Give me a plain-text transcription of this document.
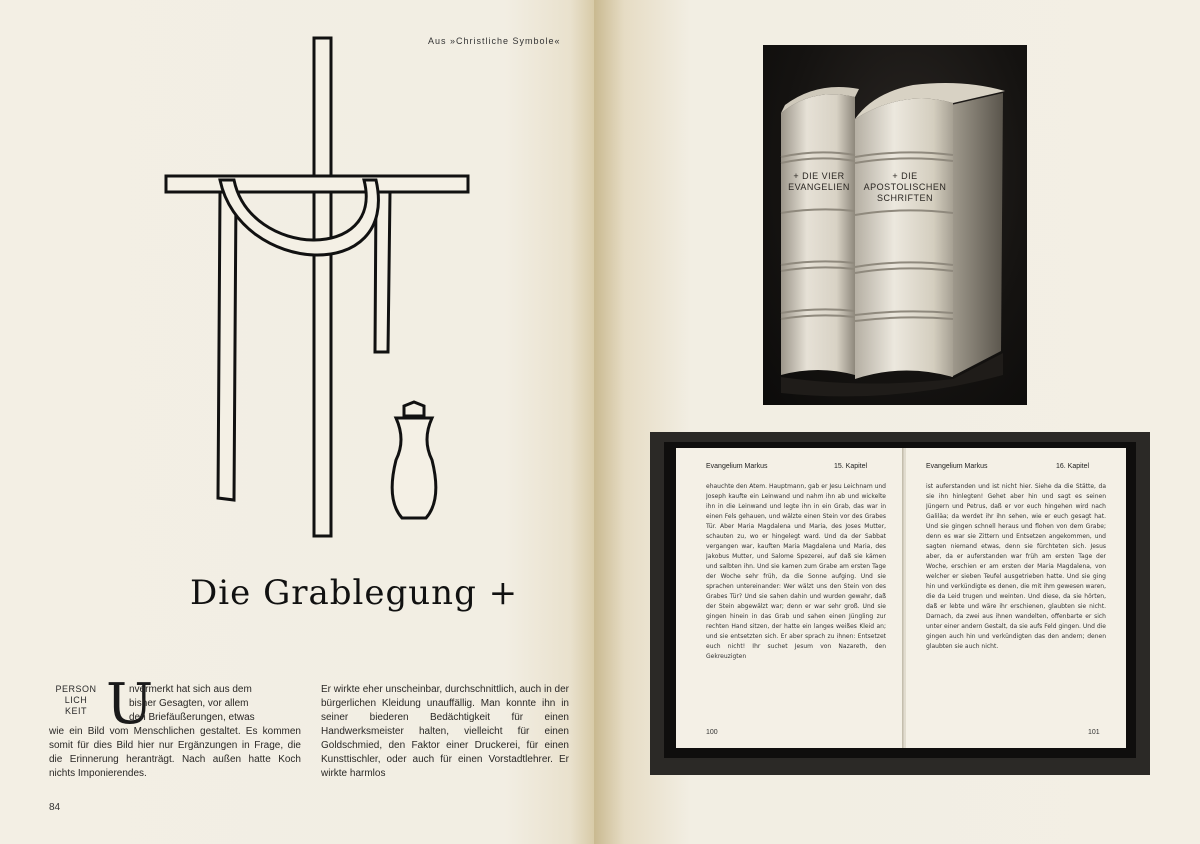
Aus »Christliche Symbole«
Die Grablegung +
PERSON
LICH
KEIT U
nvermerkt hat sich aus dem
bisher Gesagten, vor allem
den Briefäußerungen, etwas
wie ein Bild vom Menschlichen gestaltet. Es kommen somit für dies Bild hier nur Ergänzungen in Frage, die die Erinnerung heranträgt. Nach außen hatte Koch nichts Imponierendes.
Er wirkte eher unscheinbar, durchschnittlich, auch in der bürgerlichen Kleidung unauffällig. Man konnte ihn in seiner biederen Bedächtigkeit für einen Handwerksmeister halten, vielleicht für einen Goldschmied, den Faktor einer Druckerei, für einen Kunsttischler, oder auch für einen Vorstadtlehrer. Er wirkte harmlos
84
+ DIE VIER EVANGELIEN
+ DIE APOSTOLISCHEN SCHRIFTEN
Evangelium Markus	15. Kapitel
ehauchte den Atem. Hauptmann, gab er Jesu Leichnam und Joseph kaufte ein Leinwand und nahm ihn ab und wickelte ihn in die Leinwand und legte ihn in ein Grab, das war in einen Fels gehauen, und wälzte einen Stein vor des Grabes Tür. Aber Maria Magdalena und Maria, des Joses Mutter, schauten zu, wo er hingelegt ward. Und da der Sabbat vergangen war, kauften Maria Magdalena und Maria, des Jakobus Mutter, und Salome Spezerei, auf daß sie kämen und salbten ihn. Und sie kamen zum Grabe am ersten Tage der Woche sehr früh, da die Sonne aufging. Und sie sprachen untereinander: Wer wälzt uns den Stein von des Grabes Tür? Und sie sahen dahin und wurden gewahr, daß der Stein abgewälzt war; denn er war sehr groß. Und sie gingen hinein in das Grab und sahen einen Jüngling zur rechten Hand sitzen, der hatte ein langes weißes Kleid an; und sie entsetzten sich. Er aber sprach zu ihnen: Entsetzet euch nicht! Ihr suchet Jesum von Nazareth, den Gekreuzigten
100
Evangelium Markus	16. Kapitel
ist auferstanden und ist nicht hier. Siehe da die Stätte, da sie ihn hinlegten! Gehet aber hin und sagt es seinen Jüngern und Petrus, daß er vor euch hingehen wird nach Galiläa; da werdet ihr ihn sehen, wie er euch gesagt hat. Und sie gingen schnell heraus und flohen von dem Grabe; denn es war sie Zittern und Entsetzen angekommen, und sagten niemand etwas, denn sie fürchteten sich. Jesus aber, da er auferstanden war früh am ersten Tage der Woche, erschien er am ersten der Maria Magdalena, von welcher er sieben Teufel ausgetrieben hatte. Und sie ging hin und verkündigte es denen, die mit ihm gewesen waren, die da Leid trugen und weinten. Und diese, da sie hörten, daß er lebte und wäre ihr erschienen, glaubten sie nicht. Darnach, da zwei aus ihnen wandelten, offenbarte er sich unter einer andern Gestalt, da sie aufs Feld gingen. Und die gingen auch hin und verkündigten das den andern; denen glaubten sie auch nicht.
101
